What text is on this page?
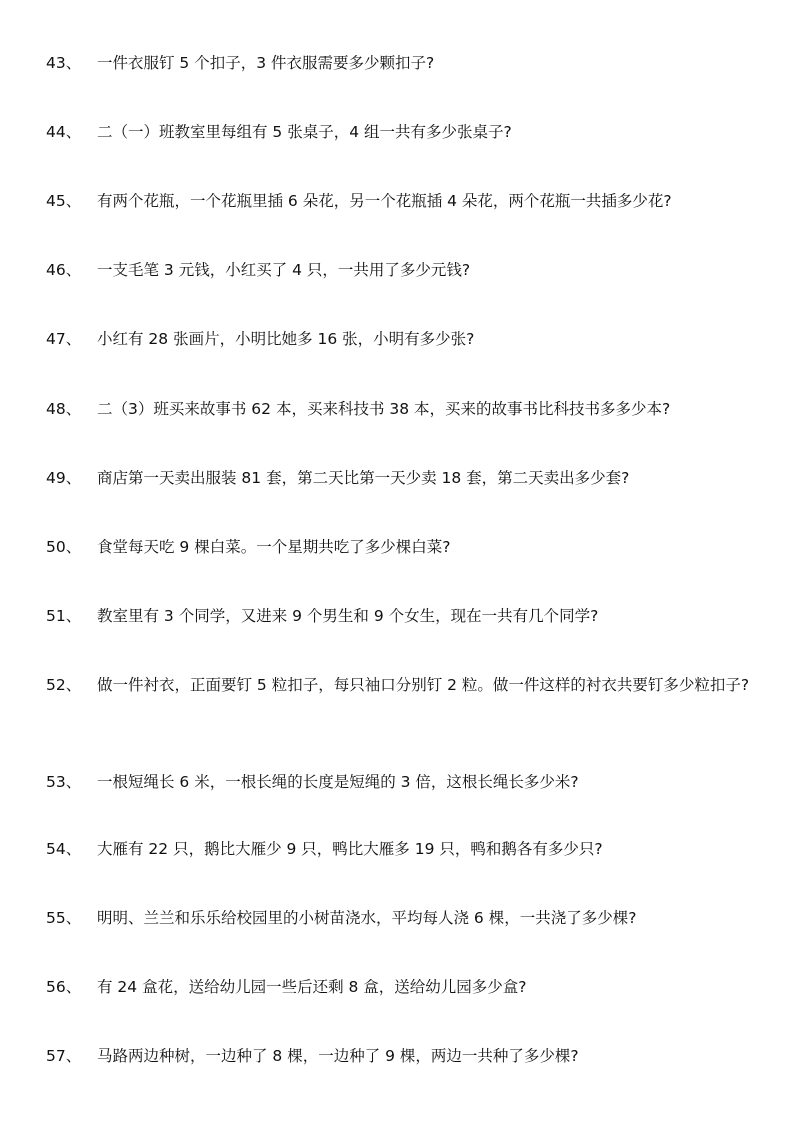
43、 一件衣服钉 5 个扣子，3 件衣服需要多少颗扣子?
44、 二（一）班教室里每组有 5 张桌子，4 组一共有多少张桌子?
45、 有两个花瓶，一个花瓶里插 6 朵花，另一个花瓶插 4 朵花，两个花瓶一共插多少花?
46、 一支毛笔 3 元钱，小红买了 4 只，一共用了多少元钱?
47、 小红有 28 张画片，小明比她多 16 张，小明有多少张?
48、 二（3）班买来故事书 62 本，买来科技书 38 本，买来的故事书比科技书多多少本?
49、 商店第一天卖出服装 81 套，第二天比第一天少卖 18 套，第二天卖出多少套?
50、 食堂每天吃 9 棵白菜。一个星期共吃了多少棵白菜?
51、 教室里有 3 个同学，又进来 9 个男生和 9 个女生，现在一共有几个同学?
52、 做一件衬衣，正面要钉 5 粒扣子，每只袖口分别钉 2 粒。做一件这样的衬衣共要钉多少粒扣子?
53、 一根短绳长 6 米，一根长绳的长度是短绳的 3 倍，这根长绳长多少米?
54、 大雁有 22 只，鹅比大雁少 9 只，鸭比大雁多 19 只，鸭和鹅各有多少只?
55、 明明、兰兰和乐乐给校园里的小树苗浇水，平均每人浇 6 棵，一共浇了多少棵?
56、 有 24 盒花，送给幼儿园一些后还剩 8 盒，送给幼儿园多少盒?
57、 马路两边种树，一边种了 8 棵，一边种了 9 棵，两边一共种了多少棵?
